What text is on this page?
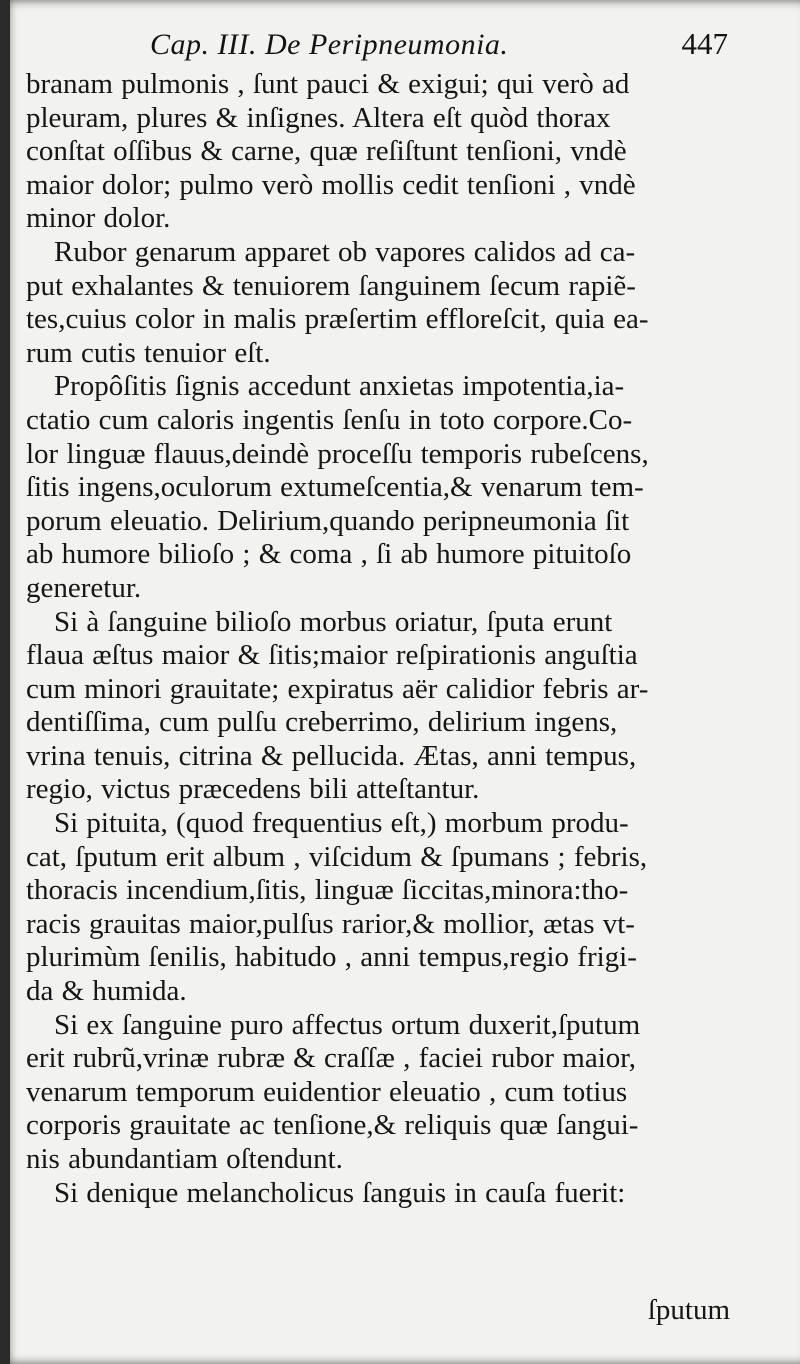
Cap. III. De Peripneumonia.	447
branam pulmonis , ſunt pauci & exigui; qui verò ad
pleuram, plures & inſignes. Altera eſt quòd thorax
conſtat oſſibus & carne, quæ reſiſtunt tenſioni, vndè
maior dolor; pulmo verò mollis cedit tenſioni , vndè
minor dolor.
Rubor genarum apparet ob vapores calidos ad ca-
put exhalantes & tenuiorem ſanguinem ſecum rapiẽ-
tes,cuius color in malis præſertim effloreſcit, quia ea-
rum cutis tenuior eſt.
Propôſitis ſignis accedunt anxietas impotentia,ia-
ctatio cum caloris ingentis ſenſu in toto corpore.Co-
lor linguæ flauus,deindè proceſſu temporis rubeſcens,
ſitis ingens,oculorum extumeſcentia,& venarum tem-
porum eleuatio. Delirium,quando peripneumonia ſit
ab humore bilioſo ; & coma , ſi ab humore pituitoſo
generetur.
Si à ſanguine bilioſo morbus oriatur, ſputa erunt
flaua æſtus maior & ſitis;maior reſpirationis anguſtia
cum minori grauitate; expiratus aër calidior febris ar-
dentiſſima, cum pulſu creberrimo, delirium ingens,
vrina tenuis, citrina & pellucida. Ætas, anni tempus,
regio, victus præcedens bili atteſtantur.
Si pituita, (quod frequentius eſt,) morbum produ-
cat, ſputum erit album , viſcidum & ſpumans ; febris,
thoracis incendium,ſitis, linguæ ſiccitas,minora:tho-
racis grauitas maior,pulſus rarior,& mollior, ætas vt-
plurimùm ſenilis, habitudo , anni tempus,regio frigi-
da & humida.
Si ex ſanguine puro affectus ortum duxerit,ſputum
erit rubrũ,vrinæ rubræ & craſſæ , faciei rubor maior,
venarum temporum euidentior eleuatio , cum totius
corporis grauitate ac tenſione,& reliquis quæ ſangui-
nis abundantiam oſtendunt.
Si denique melancholicus ſanguis in cauſa fuerit:
ſputum
